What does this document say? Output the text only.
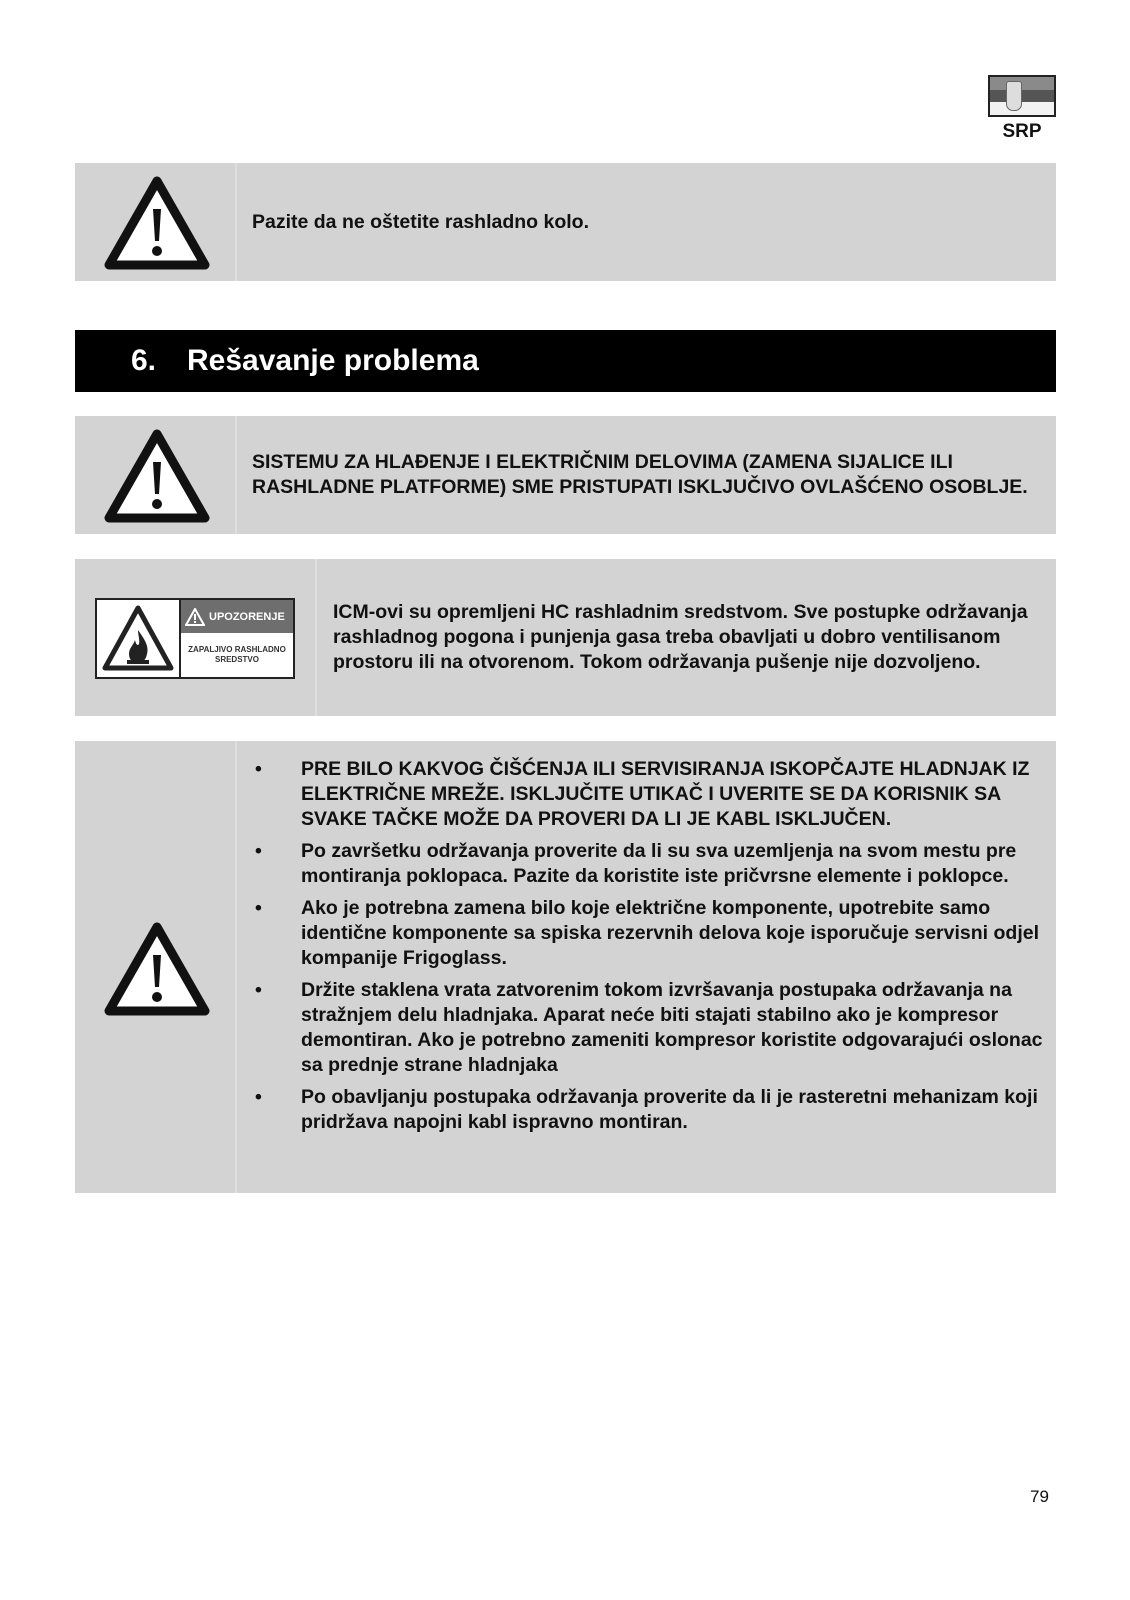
SRP
Pazite da ne oštetite rashladno kolo.
6.	Rešavanje problema
SISTEMU ZA HLAĐENJE I ELEKTRIČNIM DELOVIMA (ZAMENA SIJALICE ILI RASHLADNE PLATFORME) SME PRISTUPATI ISKLJUČIVO OVLAŠĆENO OSOBLJE.
UPOZORENJE
ZAPALJIVO RASHLADNO SREDSTVO
ICM-ovi su opremljeni HC rashladnim sredstvom. Sve postupke održavanja rashladnog pogona i punjenja gasa treba obavljati u dobro ventilisanom prostoru ili na otvorenom. Tokom održavanja pušenje nije dozvoljeno.
• PRE BILO KAKVOG ČIŠĆENJA ILI SERVISIRANJA ISKOPČAJTE HLADNJAK IZ ELEKTRIČNE MREŽE. ISKLJUČITE UTIKAČ I UVERITE SE DA KORISNIK SA SVAKE TAČKE MOŽE DA PROVERI DA LI JE KABL ISKLJUČEN.
• Po završetku održavanja proverite da li su sva uzemljenja na svom mestu pre montiranja poklopaca. Pazite da koristite iste pričvrsne elemente i poklopce.
• Ako je potrebna zamena bilo koje električne komponente, upotrebite samo identične komponente sa spiska rezervnih delova koje isporučuje servisni odjel kompanije Frigoglass.
• Držite staklena vrata zatvorenim tokom izvršavanja postupaka održavanja na stražnjem delu hladnjaka. Aparat neće biti stajati stabilno ako je kompresor demontiran. Ako je potrebno zameniti kompresor koristite odgovarajući oslonac sa prednje strane hladnjaka
• Po obavljanju postupaka održavanja proverite da li je rasteretni mehanizam koji pridržava napojni kabl ispravno montiran.
79
